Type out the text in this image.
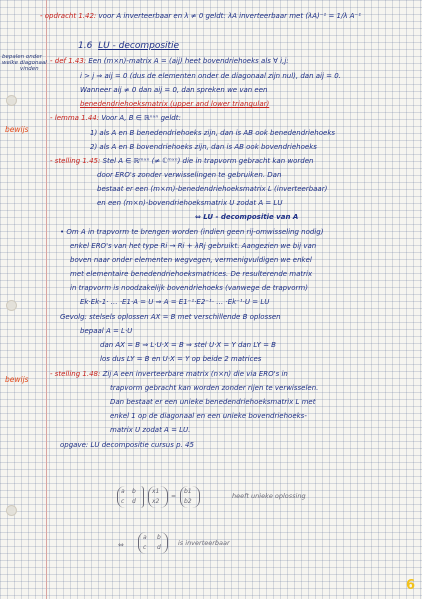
bepalen onder
welke diagonaal
vinden
bewijs
bewijs
- opdracht 1.42: voor A inverteerbaar en λ ≠ 0 geldt: λA inverteerbaar met (λA)⁻¹ = 1/λ A⁻¹
1.6 LU - decompositie
- def 1.43: Een (m×n)-matrix A = (aij) heet bovendriehoeks als ∀ i,j:
i > j ⇒ aij = 0 (dus de elementen onder de diagonaal zijn nul), dan aij = 0.
Wanneer aij ≠ 0 dan aij = 0, dan spreken we van een
benedendriehoeksmatrix (upper and lower triangular)
- lemma 1.44: Voor A, B ∈ ℝⁿˣⁿ geldt:
1) als A en B benedendriehoeks zijn, dan is AB ook benedendriehoeks
2) als A en B bovendriehoeks zijn, dan is AB ook bovendriehoeks
- stelling 1.45: Stel A ∈ ℝᵐˣⁿ (≠ ℂᵐˣⁿ) die in trapvorm gebracht kan worden
door ERO's zonder verwisselingen te gebruiken. Dan
bestaat er een (m×m)-benedendriehoeksmatrix L (inverteerbaar)
en een (m×n)-bovendriehoeksmatrix U zodat A = LU
⇔ LU - decompositie van A
• Om A in trapvorm te brengen worden (indien geen rij-omwisseling nodig)
enkel ERO's van het type Ri → Ri + λRj gebruikt. Aangezien we bij van
boven naar onder elementen wegvegen, vermenigvuldigen we enkel
met elementaire benedendriehoeksmatrices. De resulterende matrix
in trapvorm is noodzakelijk bovendriehoeks (vanwege de trapvorm)
Ek·Ek-1· … ·E1·A = U ⇒ A = E1⁻¹·E2⁻¹· … ·Ek⁻¹·U = LU
Gevolg: stelsels oplossen AX = B met verschillende B oplossen
bepaal A = L·U
dan AX = B ⇒ L·U·X = B ⇒ stel U·X = Y dan LY = B
los dus LY = B en U·X = Y op beide 2 matrices
- stelling 1.48: Zij A een inverteerbare matrix (n×n) die via ERO's in
trapvorm gebracht kan worden zonder rijen te verwisselen.
Dan bestaat er een unieke benedendriehoeksmatrix L met
enkel 1 op de diagonaal en een unieke bovendriehoeks-
matrix U zodat A = LU.
opgave: LU decompositie cursus p. 45
a b
c d
x1
x2
=
b1
b2
heeft unieke oplossing
⇔
a b
c d
is inverteerbaar
6
